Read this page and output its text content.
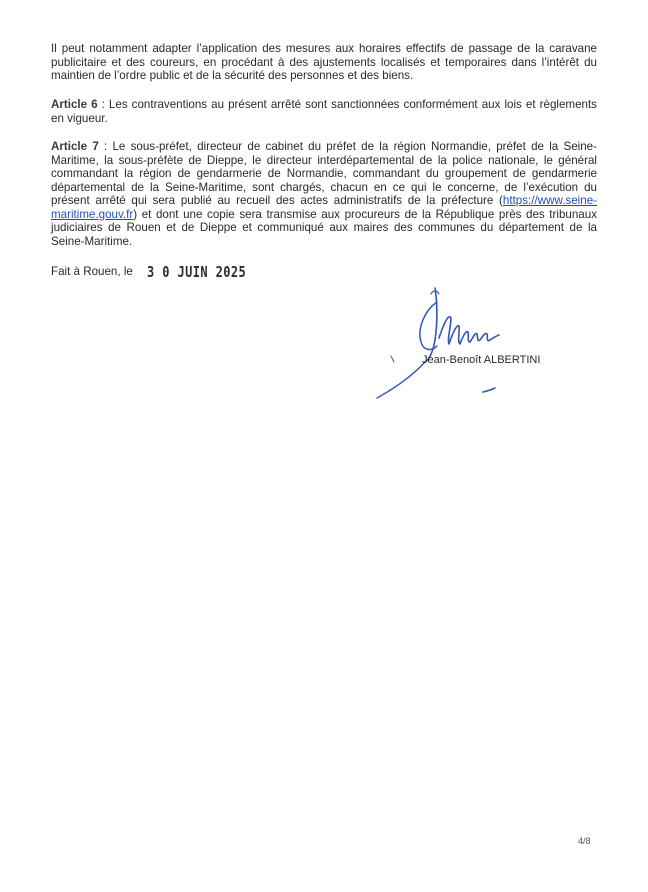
Il peut notamment adapter l’application des mesures aux horaires effectifs de passage de la caravane publicitaire et des coureurs, en procédant à des ajustements localisés et temporaires dans l’intérêt du maintien de l’ordre public et de la sécurité des personnes et des biens.

Article 6 : Les contraventions au présent arrêté sont sanctionnées conformément aux lois et règlements en vigueur.

Article 7 : Le sous-préfet, directeur de cabinet du préfet de la région Normandie, préfet de la Seine-Maritime, la sous-préfète de Dieppe, le directeur interdépartemental de la police nationale, le général commandant la région de gendarmerie de Normandie, commandant du groupement de gendarmerie départemental de la Seine-Maritime, sont chargés, chacun en ce qui le concerne, de l’exécution du présent arrêté qui sera publié au recueil des actes administratifs de la préfecture (https://www.seine-maritime.gouv.fr) et dont une copie sera transmise aux procureurs de la République près des tribunaux judiciaires de Rouen et de Dieppe et communiqué aux maires des communes du département de la Seine-Maritime.

Fait à Rouen, le 3 0 JUIN 2025
Jean-Benoît ALBERTINI
4/8
